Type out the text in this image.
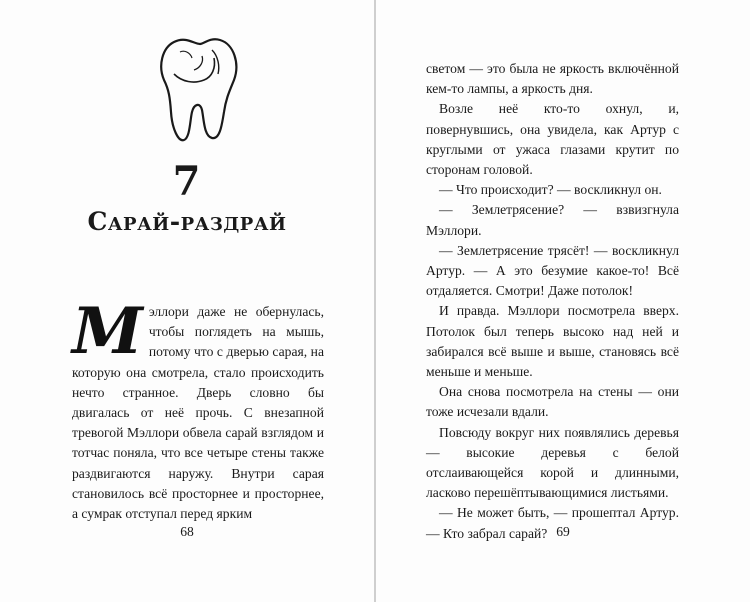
7
Сарай-раздрай
М эллори даже не обернулась, чтобы поглядеть на мышь, потому что с дверью сарая, на которую она смотрела, стало происходить нечто странное. Дверь словно бы двигалась от неё прочь. С внезапной тревогой Мэллори обвела сарай взглядом и тотчас поняла, что все четыре стены также раздвигаются наружу. Внутри сарая становилось всё просторнее и просторнее, а сумрак отступал перед ярким

68

светом — это была не яркость включённой кем-то лампы, а яркость дня.

Возле неё кто-то охнул, и, повернувшись, она увидела, как Артур с круглыми от ужаса глазами крутит по сторонам головой.

— Что происходит? — воскликнул он.

— Землетрясение? — взвизгнула Мэллори.

— Землетрясение трясёт! — воскликнул Артур. — А это безумие какое-то! Всё отдаляется. Смотри! Даже потолок!

И правда. Мэллори посмотрела вверх. Потолок был теперь высоко над ней и забирался всё выше и выше, становясь всё меньше и меньше.

Она снова посмотрела на стены — они тоже исчезали вдали.

Повсюду вокруг них появлялись деревья — высокие деревья с белой отслаивающейся корой и длинными, ласково перешёптывающимися листьями.

— Не может быть, — прошептал Артур. — Кто забрал сарай? 69
